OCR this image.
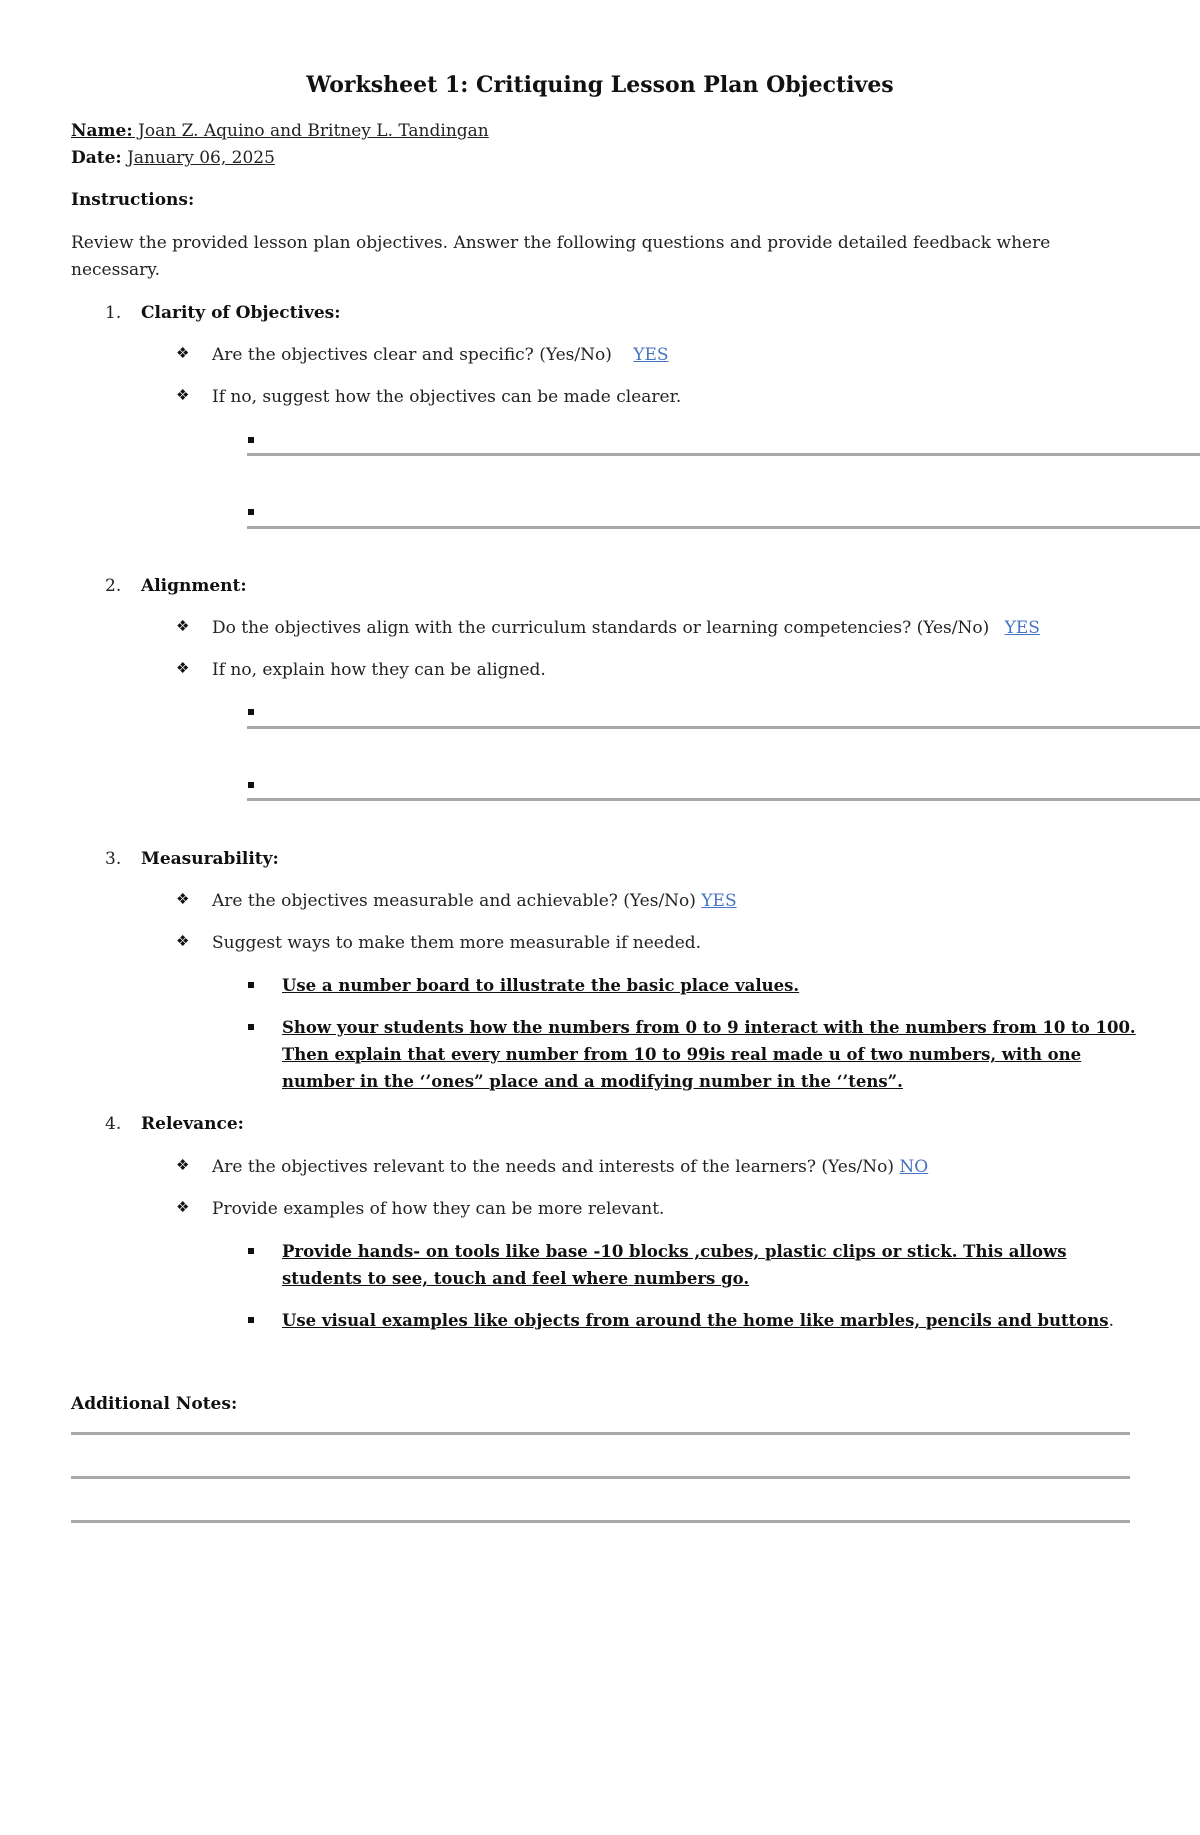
Worksheet 1: Critiquing Lesson Plan Objectives
Name: Joan Z. Aquino and Britney L. Tandingan
Date: January 06, 2025
Instructions:
Review the provided lesson plan objectives. Answer the following questions and provide detailed feedback where
necessary.
1. Clarity of Objectives:
❖ Are the objectives clear and specific? (Yes/No) YES
❖ If no, suggest how the objectives can be made clearer.
2. Alignment:
❖ Do the objectives align with the curriculum standards or learning competencies? (Yes/No) YES
❖ If no, explain how they can be aligned.
3. Measurability:
❖ Are the objectives measurable and achievable? (Yes/No) YES
❖ Suggest ways to make them more measurable if needed.
Use a number board to illustrate the basic place values.
Show your students how the numbers from 0 to 9 interact with the numbers from 10 to 100.
Then explain that every number from 10 to 99is real made u of two numbers, with one
number in the ‘’ones” place and a modifying number in the ‘’tens”.
4. Relevance:
❖ Are the objectives relevant to the needs and interests of the learners? (Yes/No) NO
❖ Provide examples of how they can be more relevant.
Provide hands- on tools like base -10 blocks ,cubes, plastic clips or stick. This allows
students to see, touch and feel where numbers go.
Use visual examples like objects from around the home like marbles, pencils and buttons.
Additional Notes:
